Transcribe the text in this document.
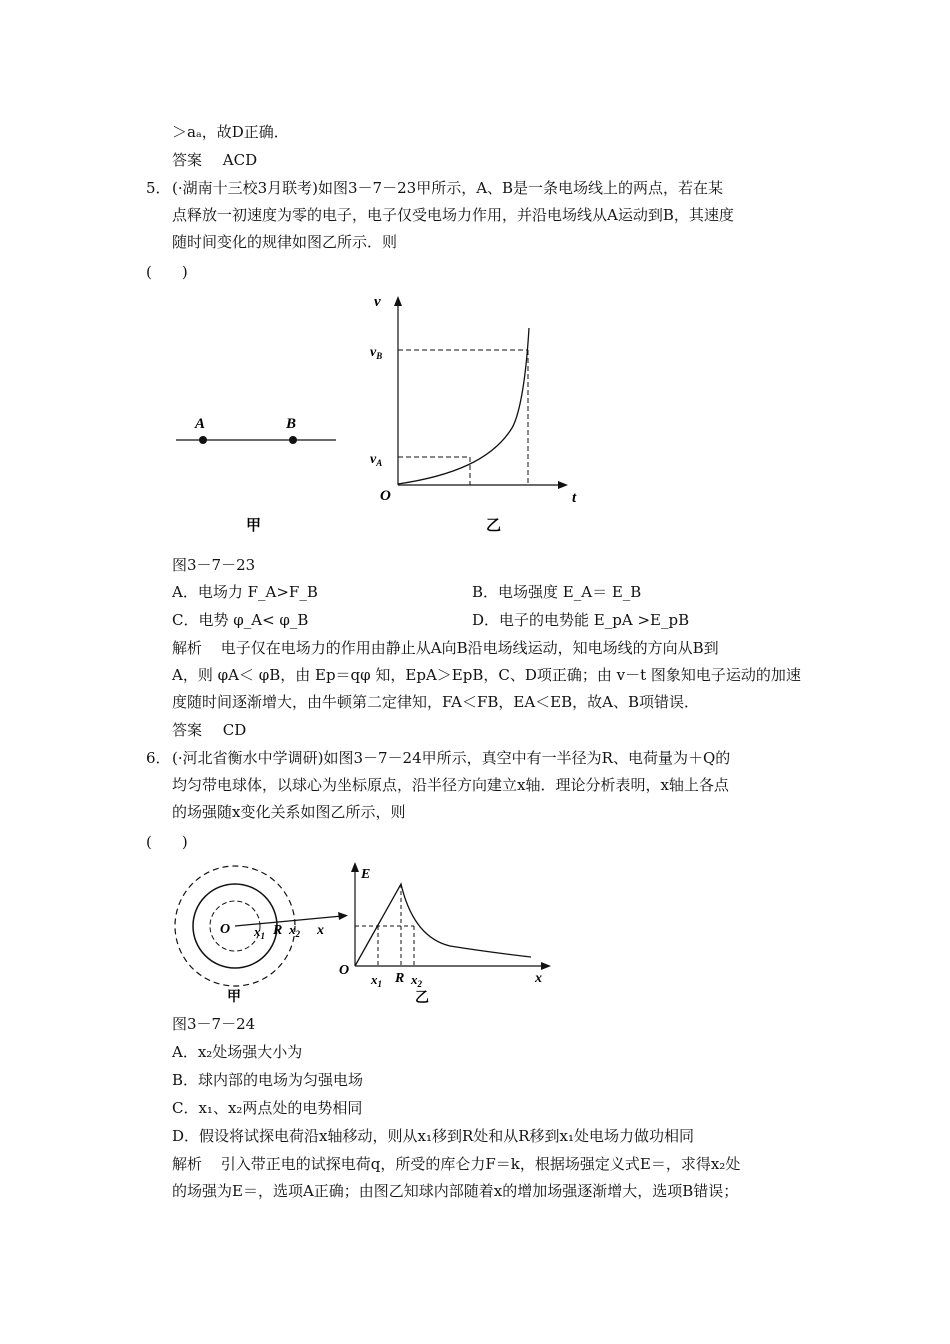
＞aₐ，故D正确．
答案 ACD
5． (·湖南十三校3月联考)如图3－7－23甲所示，A、B是一条电场线上的两点，若在某
点释放一初速度为零的电子，电子仅受电场力作用，并沿电场线从A运动到B，其速度
随时间变化的规律如图乙所示．则
(　　)
A	B
甲
v
$v_B$
$v_A$
O	t
乙
图3－7－23
A．电场力 F_A>F_B	B．电场强度 E_A＝ E_B
C．电势 φ_A< φ_B	D．电子的电势能 E_pA >E_pB
解析 电子仅在电场力的作用由静止从A向B沿电场线运动，知电场线的方向从B到
A，则 φA＜ φB，由 Ep＝qφ 知，EpA＞EpB，C、D项正确；由 v－t 图象知电子运动的加速
度随时间逐渐增大，由牛顿第二定律知，FA＜FB，EA＜EB，故A、B项错误．
答案 CD
6． (·河北省衡水中学调研)如图3－7－24甲所示，真空中有一半径为R、电荷量为＋Q的
均匀带电球体，以球心为坐标原点，沿半径方向建立x轴．理论分析表明，x轴上各点
的场强随x变化关系如图乙所示，则
(　　)
O $x_1$ R $x_2$ x
甲
E
O
$x_1$ R $x_2$	x
乙
图3－7－24
A．x₂处场强大小为
B．球内部的电场为匀强电场
C．x₁、x₂两点处的电势相同
D．假设将试探电荷沿x轴移动，则从x₁移到R处和从R移到x₁处电场力做功相同
解析 引入带正电的试探电荷q，所受的库仑力F＝k，根据场强定义式E＝，求得x₂处
的场强为E＝，选项A正确；由图乙知球内部随着x的增加场强逐渐增大，选项B错误；
